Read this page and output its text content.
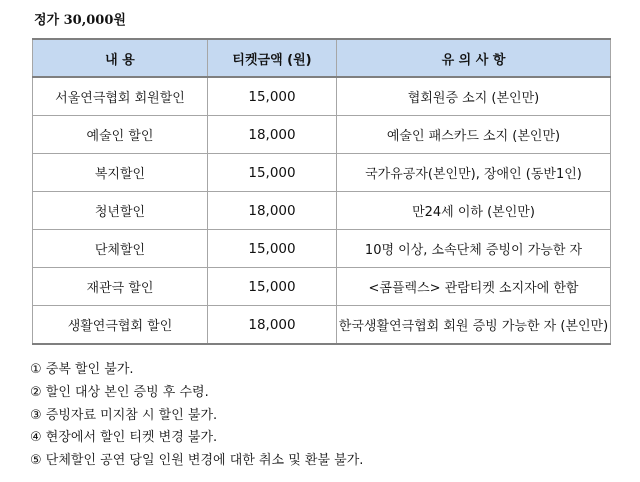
정가 30,000원
내 용	티켓금액 (원)	유 의 사 항
서울연극협회 회원할인	15,000	협회원증 소지 (본인만)
예술인 할인	18,000	예술인 패스카드 소지 (본인만)
복지할인	15,000	국가유공자(본인만), 장애인 (동반1인)
청년할인	18,000	만24세 이하 (본인만)
단체할인	15,000	10명 이상, 소속단체 증빙이 가능한 자
재관극 할인	15,000	<콤플렉스> 관람티켓 소지자에 한함
생활연극협회 할인	18,000	한국생활연극협회 회원 증빙 가능한 자 (본인만)
① 중복 할인 불가.
② 할인 대상 본인 증빙 후 수령.
③ 증빙자료 미지참 시 할인 불가.
④ 현장에서 할인 티켓 변경 불가.
⑤ 단체할인 공연 당일 인원 변경에 대한 취소 및 환불 불가.
